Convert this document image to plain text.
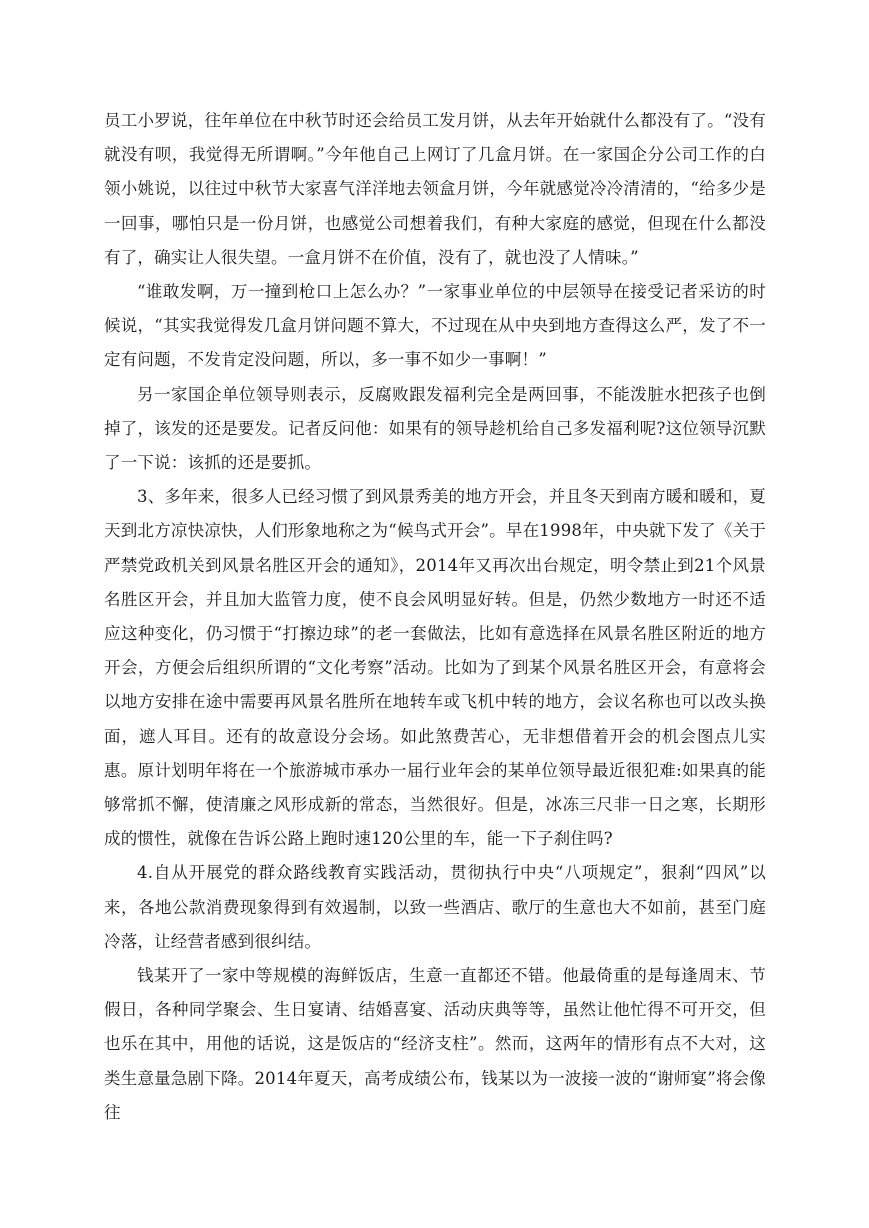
员工小罗说，往年单位在中秋节时还会给员工发月饼，从去年开始就什么都没有了。“没有就没有呗，我觉得无所谓啊。”今年他自己上网订了几盒月饼。在一家国企分公司工作的白领小姚说，以往过中秋节大家喜气洋洋地去领盒月饼，今年就感觉冷冷清清的，“给多少是一回事，哪怕只是一份月饼，也感觉公司想着我们，有种大家庭的感觉，但现在什么都没有了，确实让人很失望。一盒月饼不在价值，没有了，就也没了人情味。”

“谁敢发啊，万一撞到枪口上怎么办？”一家事业单位的中层领导在接受记者采访的时候说，“其实我觉得发几盒月饼问题不算大，不过现在从中央到地方查得这么严，发了不一定有问题，不发肯定没问题，所以，多一事不如少一事啊！”

另一家国企单位领导则表示，反腐败跟发福利完全是两回事，不能泼脏水把孩子也倒掉了，该发的还是要发。记者反问他：如果有的领导趁机给自己多发福利呢?这位领导沉默了一下说：该抓的还是要抓。

3、多年来，很多人已经习惯了到风景秀美的地方开会，并且冬天到南方暖和暖和，夏天到北方凉快凉快，人们形象地称之为“候鸟式开会”。早在1998年，中央就下发了《关于严禁党政机关到风景名胜区开会的通知》，2014年又再次出台规定，明令禁止到21个风景名胜区开会，并且加大监管力度，使不良会风明显好转。但是，仍然少数地方一时还不适应这种变化，仍习惯于“打擦边球”的老一套做法，比如有意选择在风景名胜区附近的地方开会，方便会后组织所谓的“文化考察”活动。比如为了到某个风景名胜区开会，有意将会以地方安排在途中需要再风景名胜所在地转车或飞机中转的地方，会议名称也可以改头换面，遮人耳目。还有的故意设分会场。如此煞费苦心，无非想借着开会的机会图点儿实惠。原计划明年将在一个旅游城市承办一届行业年会的某单位领导最近很犯难:如果真的能够常抓不懈，使清廉之风形成新的常态，当然很好。但是，冰冻三尺非一日之寒，长期形成的惯性，就像在告诉公路上跑时速120公里的车，能一下子刹住吗?

4.自从开展党的群众路线教育实践活动，贯彻执行中央“八项规定”，狠刹“四风”以来，各地公款消费现象得到有效遏制，以致一些酒店、歌厅的生意也大不如前，甚至门庭冷落，让经营者感到很纠结。

钱某开了一家中等规模的海鲜饭店，生意一直都还不错。他最倚重的是每逢周末、节假日，各种同学聚会、生日宴请、结婚喜宴、活动庆典等等，虽然让他忙得不可开交，但也乐在其中，用他的话说，这是饭店的“经济支柱”。然而，这两年的情形有点不大对，这类生意量急剧下降。2014年夏天，高考成绩公布，钱某以为一波接一波的“谢师宴”将会像往
